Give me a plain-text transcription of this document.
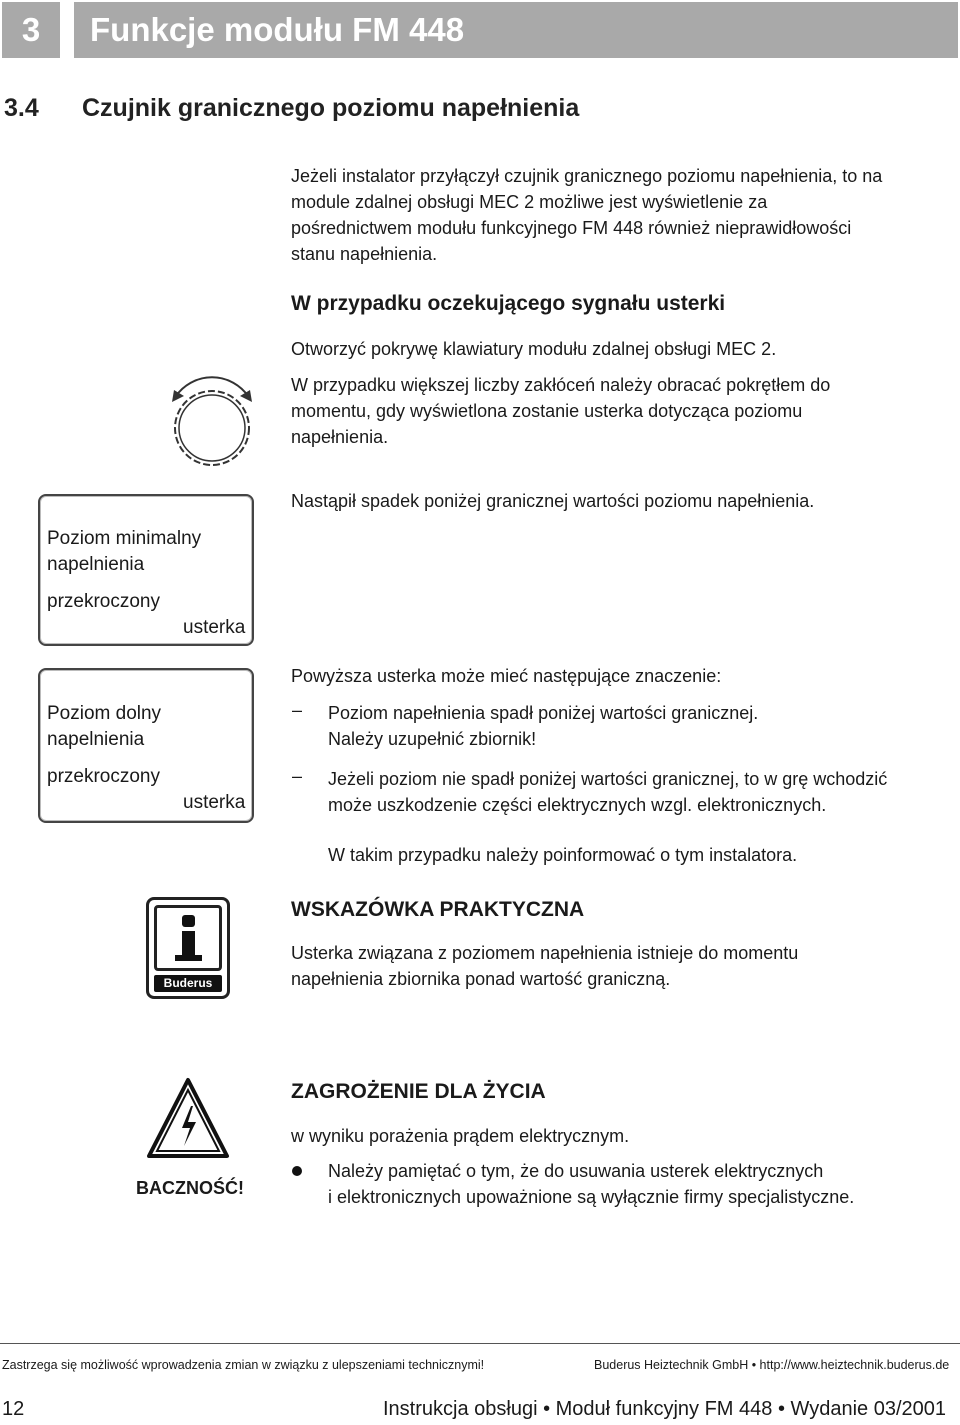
3	Funkcje modułu FM 448
3.4 Czujnik granicznego poziomu napełnienia
Jeżeli instalator przyłączył czujnik granicznego poziomu napełnienia, to na
module zdalnej obsługi MEC 2 możliwe jest wyświetlenie za
pośrednictwem modułu funkcyjnego FM 448 również nieprawidłowości
stanu napełnienia.
W przypadku oczekującego sygnału usterki
Otworzyć pokrywę klawiatury modułu zdalnej obsługi MEC 2.
W przypadku większej liczby zakłóceń należy obracać pokrętłem do
momentu, gdy wyświetlona zostanie usterka dotycząca poziomu
napełnienia.
Nastąpił spadek poniżej granicznej wartości poziomu napełnienia.
Poziom minimalny
napelnienia
przekroczony
usterka
Poziom dolny
napelnienia
przekroczony
usterka
Powyższa usterka może mieć następujące znaczenie:
– Poziom napełnienia spadł poniżej wartości granicznej.
Należy uzupełnić zbiornik!
– Jeżeli poziom nie spadł poniżej wartości granicznej, to w grę wchodzić
może uszkodzenie części elektrycznych wzgl. elektronicznych.
W takim przypadku należy poinformować o tym instalatora.
Buderus
WSKAZÓWKA PRAKTYCZNA
Usterka związana z poziomem napełnienia istnieje do momentu
napełnienia zbiornika ponad wartość graniczną.
BACZNOŚĆ!
ZAGROŻENIE DLA ŻYCIA
w wyniku porażenia prądem elektrycznym.
Należy pamiętać o tym, że do usuwania usterek elektrycznych
i elektronicznych upoważnione są wyłącznie firmy specjalistyczne.
Zastrzega się możliwość wprowadzenia zmian w związku z ulepszeniami technicznymi!	Buderus Heiztechnik GmbH • http://www.heiztechnik.buderus.de
12	Instrukcja obsługi • Moduł funkcyjny FM 448 • Wydanie 03/2001
